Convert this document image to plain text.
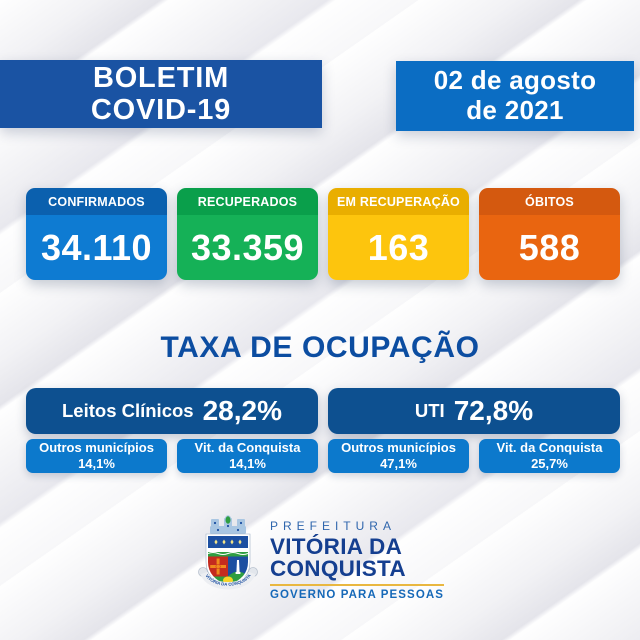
BOLETIM
COVID-19
02 de agosto
de 2021
CONFIRMADOS
34.110
RECUPERADOS
33.359
EM RECUPERAÇÃO
163
ÓBITOS
588
TAXA DE OCUPAÇÃO
Leitos Clínicos 28,2%
Outros municípios
14,1%
Vit. da Conquista
14,1%
UTI 72,8%
Outros municípios
47,1%
Vit. da Conquista
25,7%
VITÓRIA DA CONQUISTA
PREFEITURA
VITÓRIA DA
CONQUISTA
GOVERNO PARA PESSOAS
